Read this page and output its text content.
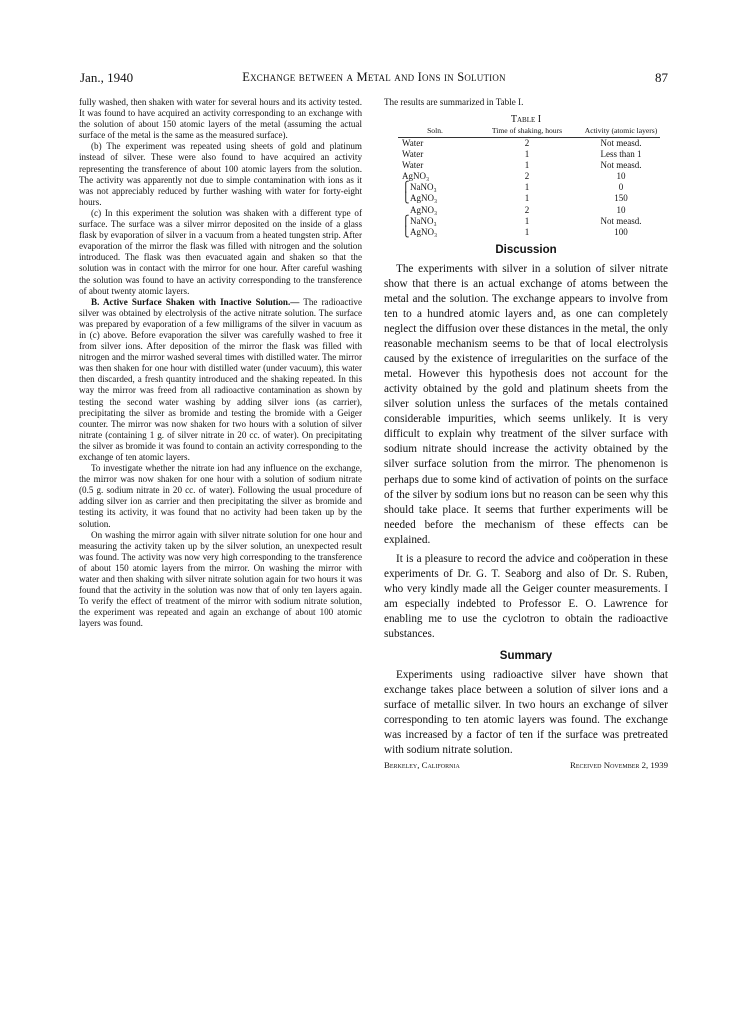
Jan., 1940	Exchange between a Metal and Ions in Solution	87

fully washed, then shaken with water for several hours and its activity tested. It was found to have acquired an activity corresponding to an exchange with the solution of about 150 atomic layers of the metal (assuming the actual surface of the metal is the same as the measured surface).

(b) The experiment was repeated using sheets of gold and platinum instead of silver. These were also found to have acquired an activity representing the transference of about 100 atomic layers from the solution. The activity was apparently not due to simple contamination with ions as it was not appreciably reduced by further washing with water for forty-eight hours.

(c) In this experiment the solution was shaken with a different type of surface. The surface was a silver mirror deposited on the inside of a glass flask by evaporation of silver in a vacuum from a heated tungsten strip. After evaporation of the mirror the flask was filled with nitrogen and the solution introduced. The flask was then evacuated again and shaken so that the solution was in contact with the mirror for one hour. After careful washing the solution was found to have an activity corresponding to the transference of about twenty atomic layers.

B. Active Surface Shaken with Inactive Solution.— The radioactive silver was obtained by electrolysis of the active nitrate solution. The surface was prepared by evaporation of a few milligrams of the silver in vacuum as in (c) above. Before evaporation the silver was carefully washed to free it from silver ions. After deposition of the mirror the flask was filled with nitrogen and the mirror washed several times with distilled water. The mirror was then shaken for one hour with distilled water (under vacuum), this water then discarded, a fresh quantity introduced and the shaking repeated. In this way the mirror was freed from all radioactive contamination as shown by testing the second water washing by adding silver ions (as carrier), precipitating the silver as bromide and testing the bromide with a Geiger counter. The mirror was now shaken for two hours with a solution of silver nitrate (containing 1 g. of silver nitrate in 20 cc. of water). On precipitating the silver as bromide it was found to contain an activity corresponding to the exchange of ten atomic layers.

To investigate whether the nitrate ion had any influence on the exchange, the mirror was now shaken for one hour with a solution of sodium nitrate (0.5 g. sodium nitrate in 20 cc. of water). Following the usual procedure of adding silver ion as carrier and then precipitating the silver as bromide and testing its activity, it was found that no activity had been taken up by the solution.

On washing the mirror again with silver nitrate solution for one hour and measuring the activity taken up by the silver solution, an unexpected result was found. The activity was now very high corresponding to the transference of about 150 atomic layers from the mirror. On washing the mirror with water and then shaking with silver nitrate solution again for two hours it was found that the activity in the solution was now that of only ten layers again. To verify the effect of treatment of the mirror with sodium nitrate solution, the experiment was repeated and again an exchange of about 100 atomic layers was found.

The results are summarized in Table I.

Table I
Soln.	Time of shaking, hours	Activity (atomic layers)
Water	2	Not measd.
Water	1	Less than 1
Water	1	Not measd.
AgNO₃	2	10
⎧NaNO₃	1	0
⎩AgNO₃	1	150
AgNO₃	2	10
⎧NaNO₃	1	Not measd.
⎩AgNO₃	1	100
Discussion

The experiments with silver in a solution of silver nitrate show that there is an actual exchange of atoms between the metal and the solution. The exchange appears to involve from ten to a hundred atomic layers and, as one can completely neglect the diffusion over these distances in the metal, the only reasonable mechanism seems to be that of local electrolysis caused by the existence of irregularities on the surface of the metal. However this hypothesis does not account for the activity obtained by the gold and platinum sheets from the silver solution unless the surfaces of the metals contained considerable impurities, which seems unlikely. It is very difficult to explain why treatment of the silver surface with sodium nitrate should increase the activity obtained by the silver surface solution from the mirror. The phenomenon is perhaps due to some kind of activation of points on the surface of the silver by sodium ions but no reason can be seen why this should take place. It seems that further experiments will be needed before the mechanism of these effects can be explained.

It is a pleasure to record the advice and coöperation in these experiments of Dr. G. T. Seaborg and also of Dr. S. Ruben, who very kindly made all the Geiger counter measurements. I am especially indebted to Professor E. O. Lawrence for enabling me to use the cyclotron to obtain the radioactive substances.

Summary

Experiments using radioactive silver have shown that exchange takes place between a solution of silver ions and a surface of metallic silver. In two hours an exchange of silver corresponding to ten atomic layers was found. The exchange was increased by a factor of ten if the surface was pretreated with sodium nitrate solution.

Berkeley, California	Received November 2, 1939
